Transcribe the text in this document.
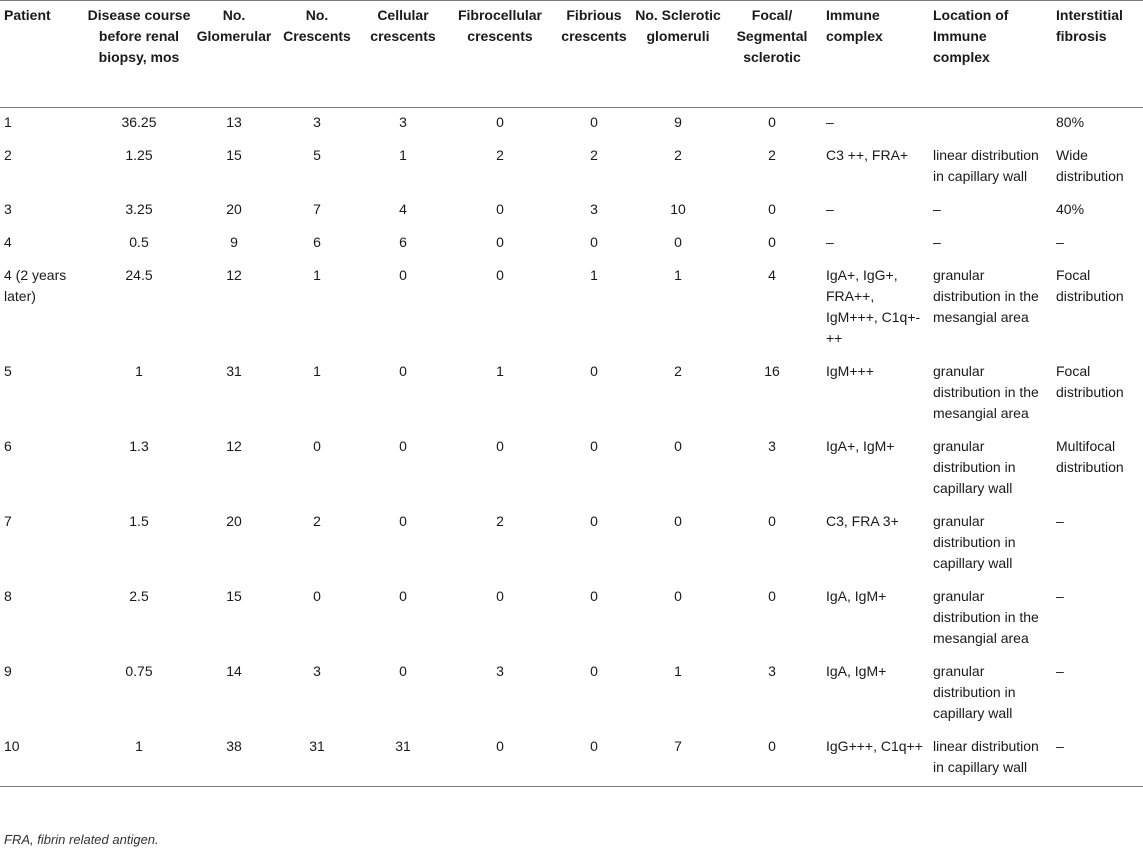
Patient	Disease course before renal biopsy, mos	No. Glomerular	No. Crescents	Cellular crescents	Fibrocellular crescents	Fibrious crescents	No. Sclerotic glomeruli	Focal/ Segmental sclerotic	Immune complex	Location of Immune complex	Interstitial fibrosis
1	36.25	13	3	3	0	0	9	0	–		80%
2	1.25	15	5	1	2	2	2	2	C3 ++, FRA+	linear distribution in capillary wall	Wide distribution
3	3.25	20	7	4	0	3	10	0	–	–	40%
4	0.5	9	6	6	0	0	0	0	–	–	–
4 (2 years later)	24.5	12	1	0	0	1	1	4	IgA+, IgG+, FRA++, IgM+++, C1q+-++	granular distribution in the mesangial area	Focal distribution
5	1	31	1	0	1	0	2	16	IgM+++	granular distribution in the mesangial area	Focal distribution
6	1.3	12	0	0	0	0	0	3	IgA+, IgM+	granular distribution in capillary wall	Multifocal distribution
7	1.5	20	2	0	2	0	0	0	C3, FRA 3+	granular distribution in capillary wall	–
8	2.5	15	0	0	0	0	0	0	IgA, IgM+	granular distribution in the mesangial area	–
9	0.75	14	3	0	3	0	1	3	IgA, IgM+	granular distribution in capillary wall	–
10	1	38	31	31	0	0	7	0	IgG+++, C1q++	linear distribution in capillary wall	–
FRA, fibrin related antigen.
